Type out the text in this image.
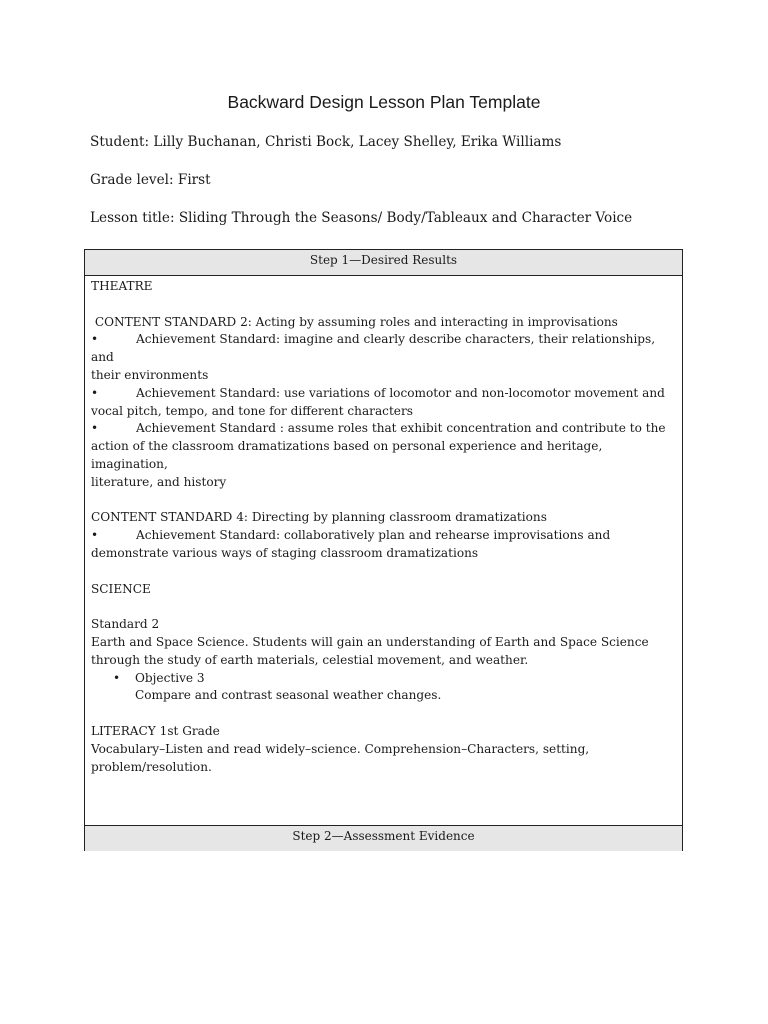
Backward Design Lesson Plan Template
Student: Lilly Buchanan, Christi Bock, Lacey Shelley, Erika Williams
Grade level: First
Lesson title: Sliding Through the Seasons/ Body/Tableaux and Character Voice
Step 1—Desired Results

THEATRE

CONTENT STANDARD 2: Acting by assuming roles and interacting in improvisations

•	Achievement Standard: imagine and clearly describe characters, their relationships, and
their environments

•	Achievement Standard: use variations of locomotor and non-locomotor movement and
vocal pitch, tempo, and tone for different characters

•	Achievement Standard : assume roles that exhibit concentration and contribute to the
action of the classroom dramatizations based on personal experience and heritage, imagination,
literature, and history

CONTENT STANDARD 4: Directing by planning classroom dramatizations

•	Achievement Standard: collaboratively plan and rehearse improvisations and
demonstrate various ways of staging classroom dramatizations

SCIENCE

Standard 2

Earth and Space Science. Students will gain an understanding of Earth and Space Science
through the study of earth materials, celestial movement, and weather.

• Objective 3

Compare and contrast seasonal weather changes.

LITERACY 1st Grade

Vocabulary–Listen and read widely–science. Comprehension–Characters, setting,
problem/resolution.

Step 2—Assessment Evidence
